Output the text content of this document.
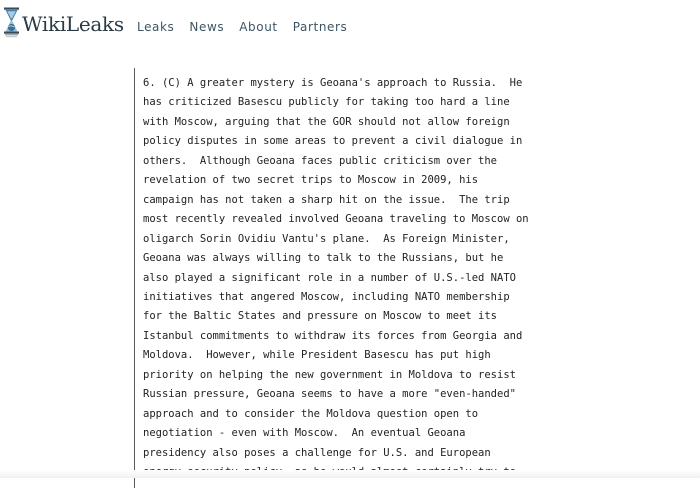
WikiLeaks Leaks News About Partners
6. (C) A greater mystery is Geoana's approach to Russia.  He
has criticized Basescu publicly for taking too hard a line
with Moscow, arguing that the GOR should not allow foreign
policy disputes in some areas to prevent a civil dialogue in
others.  Although Geoana faces public criticism over the
revelation of two secret trips to Moscow in 2009, his
campaign has not taken a sharp hit on the issue.  The trip
most recently revealed involved Geoana traveling to Moscow on
oligarch Sorin Ovidiu Vantu's plane.  As Foreign Minister,
Geoana was always willing to talk to the Russians, but he
also played a significant role in a number of U.S.-led NATO
initiatives that angered Moscow, including NATO membership
for the Baltic States and pressure on Moscow to meet its
Istanbul commitments to withdraw its forces from Georgia and
Moldova.  However, while President Basescu has put high
priority on helping the new government in Moldova to resist
Russian pressure, Geoana seems to have a more "even-handed"
approach and to consider the Moldova question open to
negotiation - even with Moscow.  An eventual Geoana
presidency also poses a challenge for U.S. and European
